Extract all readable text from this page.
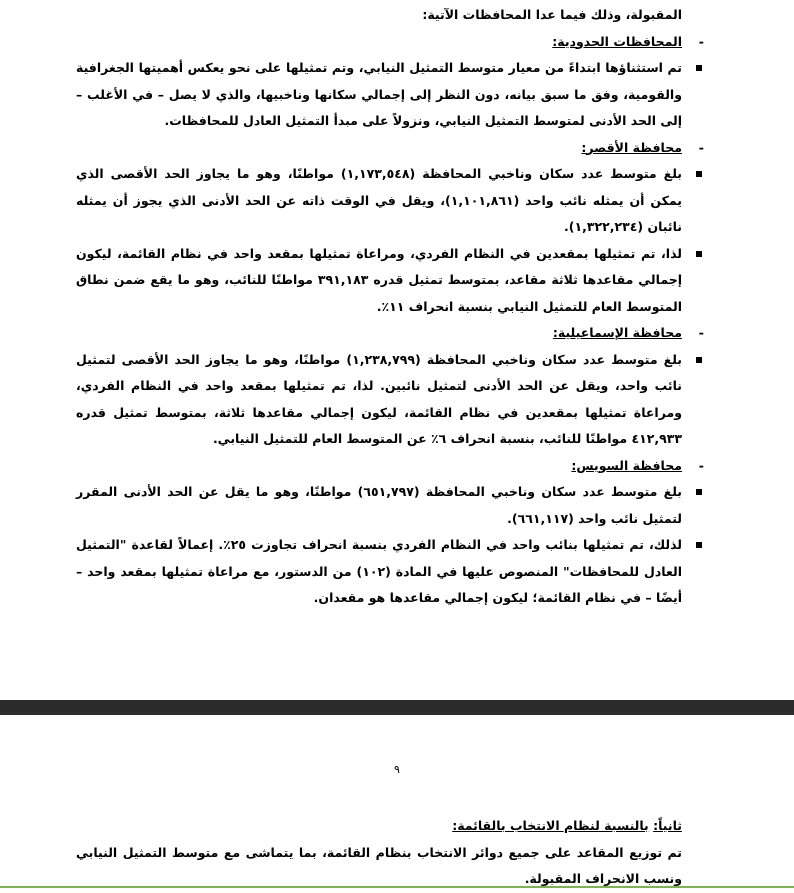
المقبولة، وذلك فيما عدا المحافظات الآتية:
-
المحافظات الحدودية:
تم استثناؤها ابتداءً من معيار متوسط التمثيل النيابي، وتم تمثيلها على نحو يعكس أهميتها الجغرافية والقومية، وفق ما سبق بيانه، دون النظر إلى إجمالي سكانها وناخبيها، والذي لا يصل – في الأغلب – إلى الحد الأدنى لمتوسط التمثيل النيابي، ونزولاً على مبدأ التمثيل العادل للمحافظات.
-
محافظة الأقصر:
بلغ متوسط عدد سكان وناخبي المحافظة (١,١٧٣,٥٤٨) مواطنًا، وهو ما يجاوز الحد الأقصى الذي يمكن أن يمثله نائب واحد (١,١٠١,٨٦١)، ويقل في الوقت ذاته عن الحد الأدنى الذي يجوز أن يمثله نائبان (١,٣٢٢,٢٣٤).
لذا، تم تمثيلها بمقعدين في النظام الفردي، ومراعاة تمثيلها بمقعد واحد في نظام القائمة، ليكون إجمالي مقاعدها ثلاثة مقاعد، بمتوسط تمثيل قدره ٣٩١,١٨٣ مواطنًا للنائب، وهو ما يقع ضمن نطاق المتوسط العام للتمثيل النيابي بنسبة انحراف ١١٪.
-
محافظة الإسماعيلية:
بلغ متوسط عدد سكان وناخبي المحافظة (١,٢٣٨,٧٩٩) مواطنًا، وهو ما يجاوز الحد الأقصى لتمثيل نائب واحد، ويقل عن الحد الأدنى لتمثيل نائبين. لذا، تم تمثيلها بمقعد واحد في النظام الفردي، ومراعاة تمثيلها بمقعدين في نظام القائمة، ليكون إجمالي مقاعدها ثلاثة، بمتوسط تمثيل قدره ٤١٢,٩٣٣ مواطنًا للنائب، بنسبة انحراف ٦٪ عن المتوسط العام للتمثيل النيابي.
-
محافظة السويس:
بلغ متوسط عدد سكان وناخبي المحافظة (٦٥١,٧٩٧) مواطنًا، وهو ما يقل عن الحد الأدنى المقرر لتمثيل نائب واحد (٦٦١,١١٧).
لذلك، تم تمثيلها بنائب واحد في النظام الفردي بنسبة انحراف تجاوزت ٢٥٪. إعمالاً لقاعدة "التمثيل العادل للمحافظات" المنصوص عليها في المادة (١٠٢) من الدستور، مع مراعاة تمثيلها بمقعد واحد – أيضًا – في نظام القائمة؛ ليكون إجمالي مقاعدها هو مقعدان.
٩
ثانياً: بالنسبة لنظام الانتخاب بالقائمة:
تم توزيع المقاعد على جميع دوائر الانتخاب بنظام القائمة، بما يتماشى مع متوسط التمثيل النيابي ونسب الانحراف المقبولة.
